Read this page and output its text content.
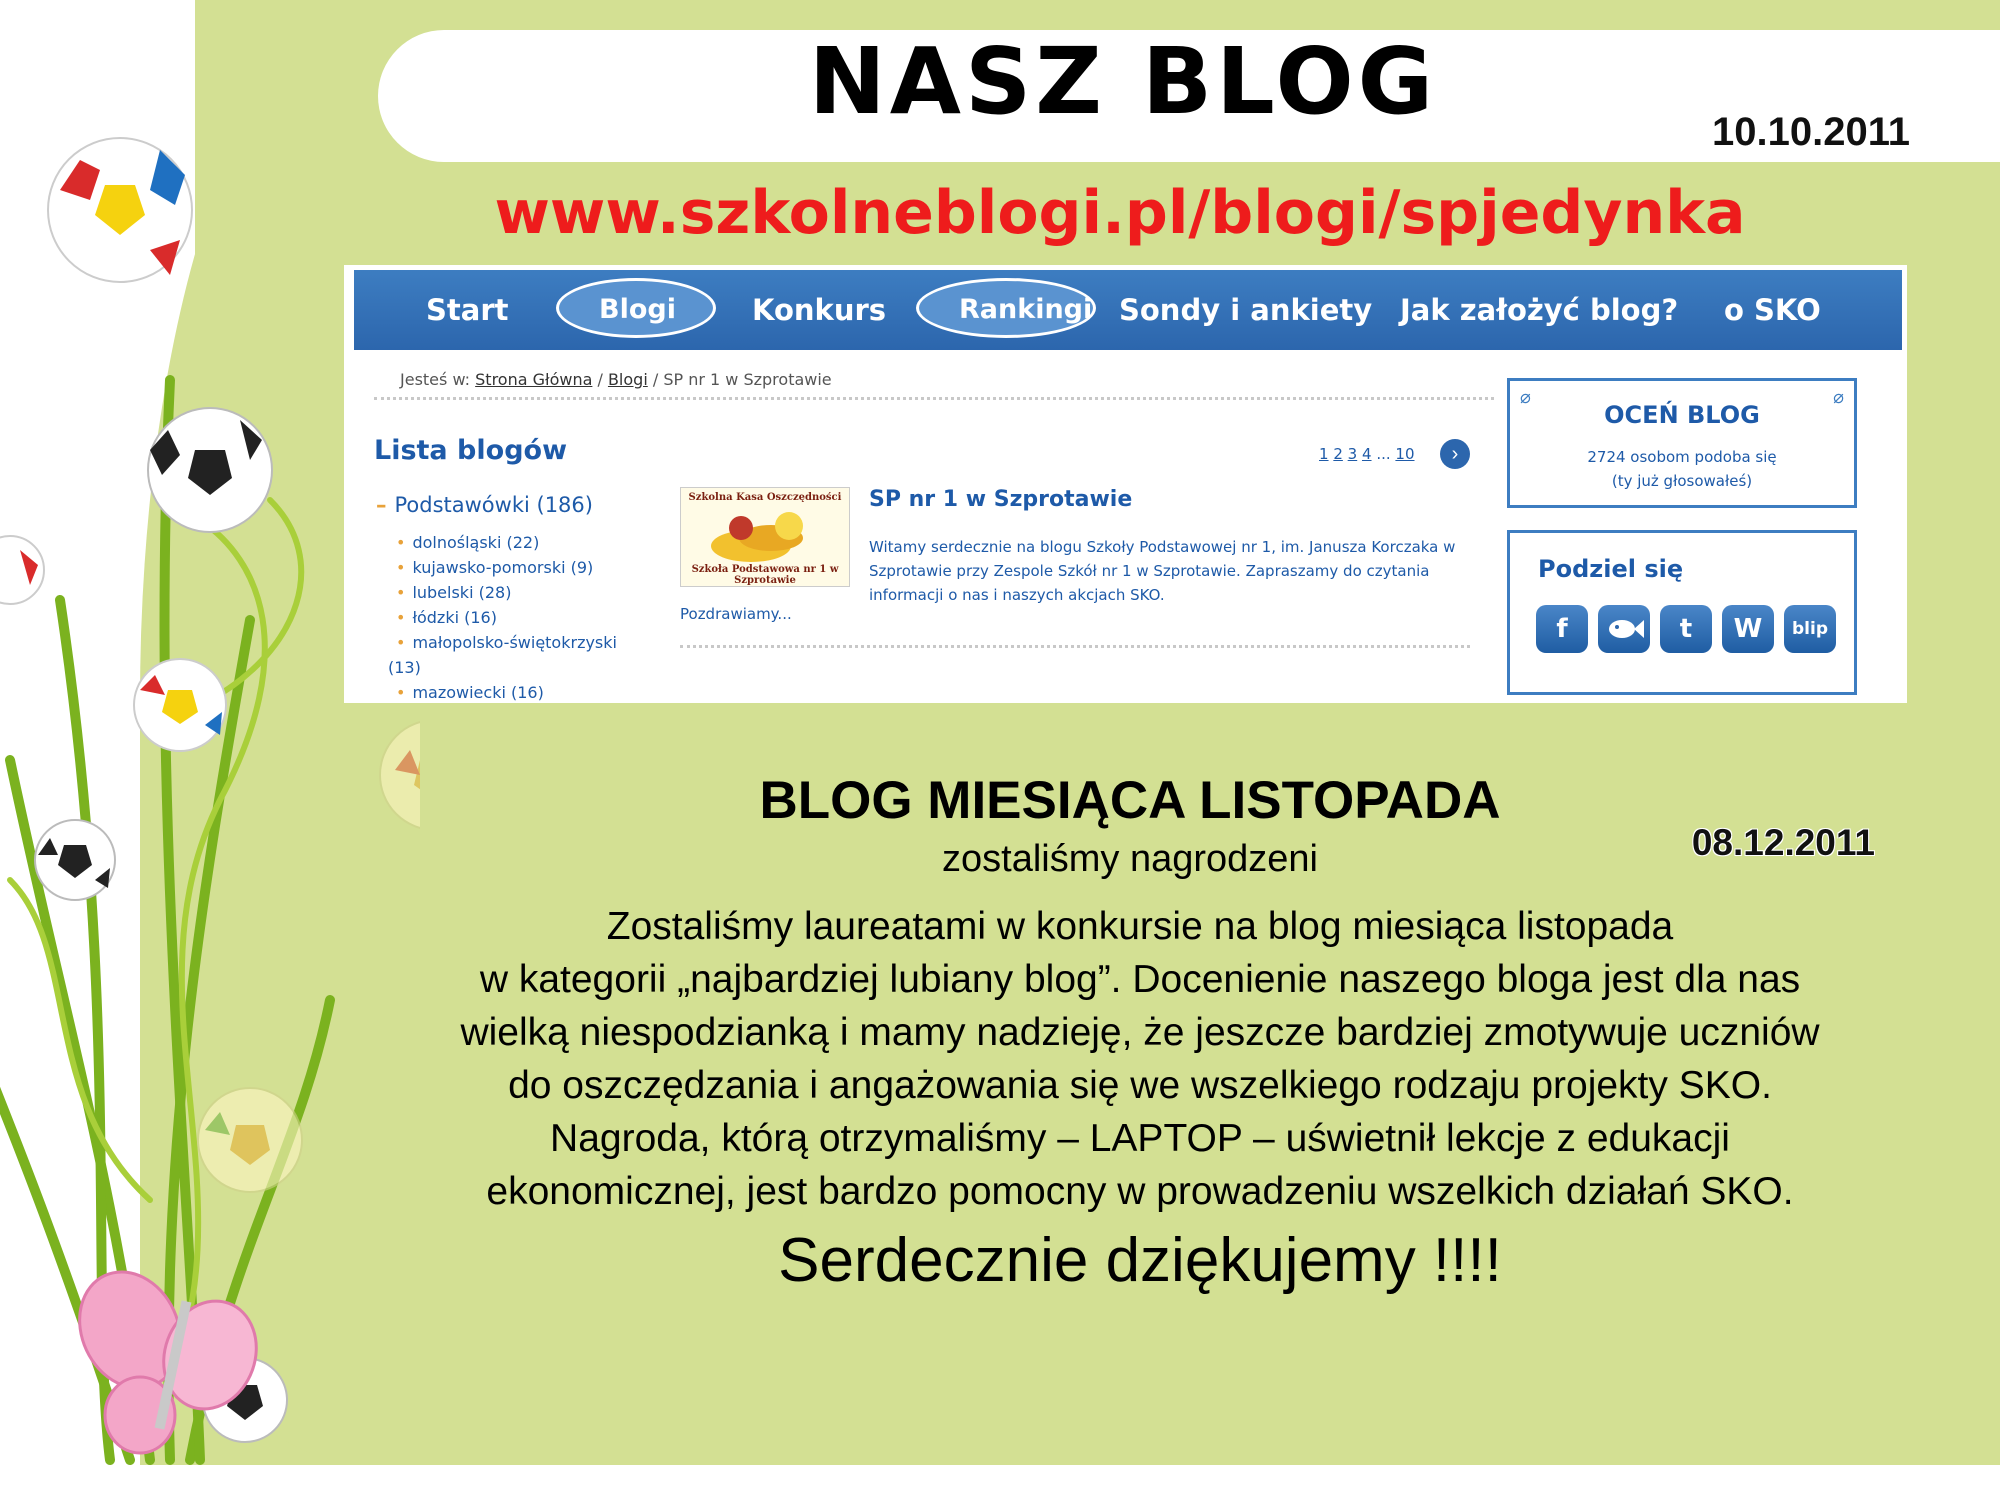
NASZ BLOG	10.10.2011
www.szkolneblogi.pl/blogi/spjedynka
Start	Blogi	Konkurs	Rankingi Sondy i ankiety Jak założyć blog? o SKO
Jesteś w: Strona Główna / Blogi / SP nr 1 w Szprotawie
Lista blogów	1 2 3 4 ... 10	›
– Podstawówki (186)
• dolnośląski (22)
• kujawsko-pomorski (9)
• lubelski (28)
• łódzki (16)
• małopolsko-świętokrzyski
(13)
• mazowiecki (16)
Szkolna Kasa Oszczędności
Szkoła Podstawowa nr 1 w Szprotawie
SP nr 1 w Szprotawie
Witamy serdecznie na blogu Szkoły Podstawowej nr 1, im. Janusza Korczaka w Szprotawie przy Zespole Szkół nr 1 w Szprotawie. Zapraszamy do czytania informacji o nas i naszych akcjach SKO.
Pozdrawiamy...
⌀	⌀
OCEŃ BLOG
2724 osobom podoba się
(ty już głosowałeś)
Podziel się
f	t	W	blip
BLOG MIESIĄCA LISTOPADA
zostaliśmy nagrodzeni	08.12.2011
Zostaliśmy laureatami w konkursie na blog miesiąca listopada
w kategorii „najbardziej lubiany blog”. Docenienie naszego bloga jest dla nas
wielką niespodzianką i mamy nadzieję, że jeszcze bardziej zmotywuje uczniów
do oszczędzania i angażowania się we wszelkiego rodzaju projekty SKO.
Nagroda, którą otrzymaliśmy – LAPTOP – uświetnił lekcje z edukacji
ekonomicznej, jest bardzo pomocny w prowadzeniu wszelkich działań SKO.
Serdecznie dziękujemy !!!!
